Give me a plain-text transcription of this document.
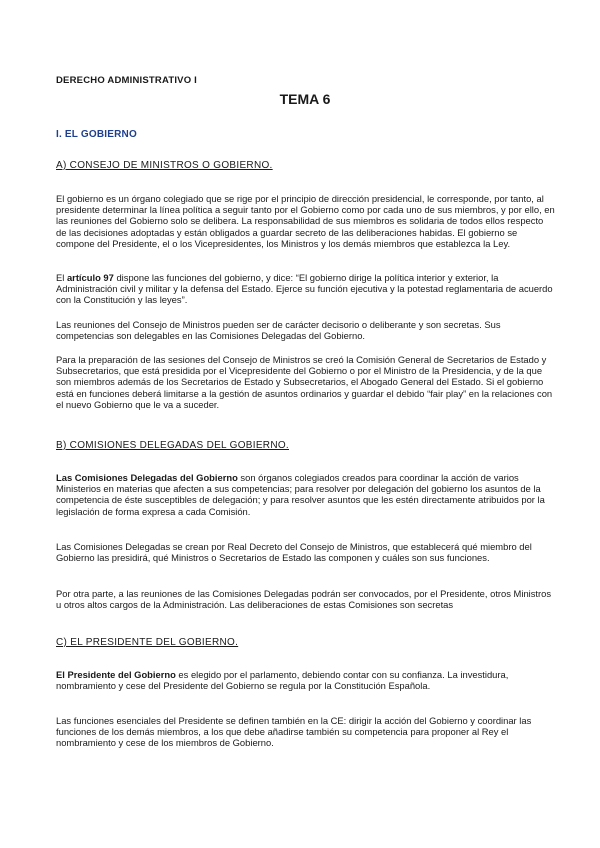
DERECHO ADMINISTRATIVO I
TEMA 6
I. EL GOBIERNO
A) CONSEJO DE MINISTROS O GOBIERNO.

El gobierno es un órgano colegiado que se rige por el principio de dirección presidencial, le corresponde, por tanto, al presidente determinar la línea política a seguir tanto por el Gobierno como por cada uno de sus miembros, y por ello, en las reuniones del Gobierno solo se delibera. La responsabilidad de sus miembros es solidaria de todos ellos respecto de las decisiones adoptadas y están obligados a guardar secreto de las deliberaciones habidas. El gobierno se compone del Presidente, el o los Vicepresidentes, los Ministros y los demás miembros que establezca la Ley.

El artículo 97 dispone las funciones del gobierno, y dice: “El gobierno dirige la política interior y exterior, la Administración civil y militar y la defensa del Estado. Ejerce su función ejecutiva y la potestad reglamentaria de acuerdo con la Constitución y las leyes”.

Las reuniones del Consejo de Ministros pueden ser de carácter decisorio o deliberante y son secretas. Sus competencias son delegables en las Comisiones Delegadas del Gobierno.

Para la preparación de las sesiones del Consejo de Ministros se creó la Comisión General de Secretarios de Estado y Subsecretarios, que está presidida por el Vicepresidente del Gobierno o por el Ministro de la Presidencia, y de la que son miembros además de los Secretarios de Estado y Subsecretarios, el Abogado General del Estado. Si el gobierno está en funciones deberá limitarse a la gestión de asuntos ordinarios y guardar el debido “fair play” en la relaciones con el nuevo Gobierno que le va a suceder.

B) COMISIONES DELEGADAS DEL GOBIERNO.

Las Comisiones Delegadas del Gobierno son órganos colegiados creados para coordinar la acción de varios Ministerios en materias que afecten a sus competencias; para resolver por delegación del gobierno los asuntos de la competencia de éste susceptibles de delegación; y para resolver asuntos que les estén directamente atribuidos por la legislación de forma expresa a cada Comisión.

Las Comisiones Delegadas se crean por Real Decreto del Consejo de Ministros, que establecerá qué miembro del Gobierno las presidirá, qué Ministros o Secretarios de Estado las componen y cuáles son sus funciones.

Por otra parte, a las reuniones de las Comisiones Delegadas podrán ser convocados, por el Presidente, otros Ministros u otros altos cargos de la Administración. Las deliberaciones de estas Comisiones son secretas

C) EL PRESIDENTE DEL GOBIERNO.

El Presidente del Gobierno es elegido por el parlamento, debiendo contar con su confianza. La investidura, nombramiento y cese del Presidente del Gobierno se regula por la Constitución Española.

Las funciones esenciales del Presidente se definen también en la CE: dirigir la acción del Gobierno y coordinar las funciones de los demás miembros, a los que debe añadirse también su competencia para proponer al Rey el nombramiento y cese de los miembros de Gobierno.
